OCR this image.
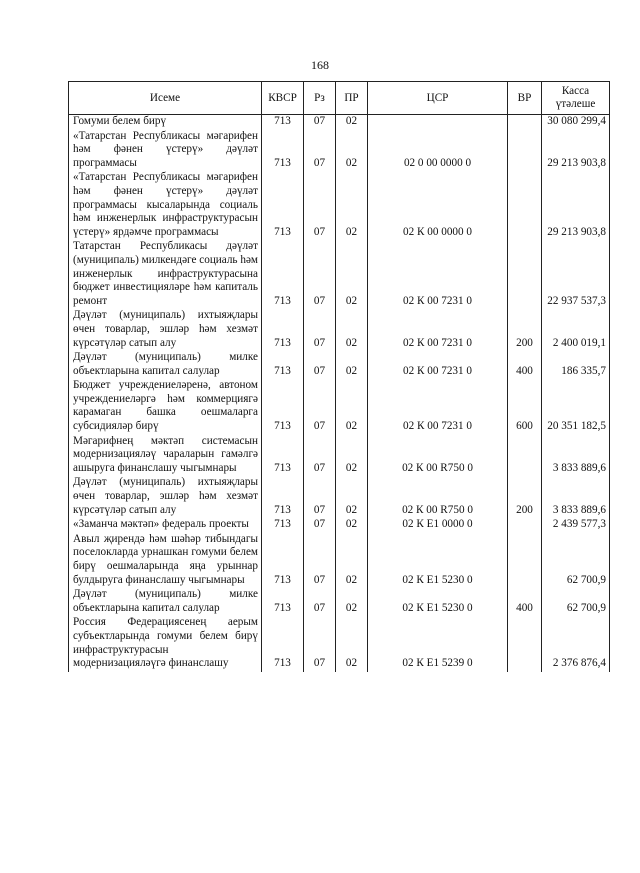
168
Исеме	КВСР	Рз	ПР	ЦСР	ВР	Касса үтәлеше
Гомуми белем бирү	713	07	02			30 080 299,4
«Татарстан Республикасы мәгарифен һәм фәнен үстерү» дәүләт программасы	713	07	02	02 0 00 0000 0		29 213 903,8
«Татарстан Республикасы мәгарифен һәм фәнен үстерү» дәүләт программасы кысаларында социаль һәм инженерлык инфраструктурасын үстерү» ярдәмче программасы	713	07	02	02 К 00 0000 0		29 213 903,8
Татарстан Республикасы дәүләт (муниципаль) милкендәге социаль һәм инженерлык инфраструктурасына бюджет инвестицияләре һәм капиталь ремонт	713	07	02	02 К 00 7231 0		22 937 537,3
Дәүләт (муниципаль) ихтыяҗлары өчен товарлар, эшләр һәм хезмәт күрсәтүләр сатып алу	713	07	02	02 К 00 7231 0	200	2 400 019,1
Дәүләт (муниципаль) милке объектларына капитал салулар	713	07	02	02 К 00 7231 0	400	186 335,7
Бюджет учреждениеләренә, автоном учреждениеләргә һәм коммерциягә карамаган башка оешмаларга субсидияләр бирү	713	07	02	02 К 00 7231 0	600	20 351 182,5
Мәгарифнең мәктәп системасын модернизацияләү чараларын гамәлгә ашыруга финанслашу чыгымнары	713	07	02	02 К 00 R750 0		3 833 889,6
Дәүләт (муниципаль) ихтыяҗлары өчен товарлар, эшләр һәм хезмәт күрсәтүләр сатып алу	713	07	02	02 К 00 R750 0	200	3 833 889,6
«Заманча мәктәп» федераль проекты	713	07	02	02 К Е1 0000 0		2 439 577,3
Авыл җирендә һәм шәһәр тибындагы поселокларда урнашкан гомуми белем бирү оешмаларында яңа урыннар булдыруга финанслашу чыгымнары	713	07	02	02 К Е1 5230 0		62 700,9
Дәүләт (муниципаль) милке объектларына капитал салулар	713	07	02	02 К Е1 5230 0	400	62 700,9
Россия Федерациясенең аерым субъектларында гомуми белем бирү инфраструктурасын модернизацияләүгә финанслашу	713	07	02	02 К Е1 5239 0		2 376 876,4
